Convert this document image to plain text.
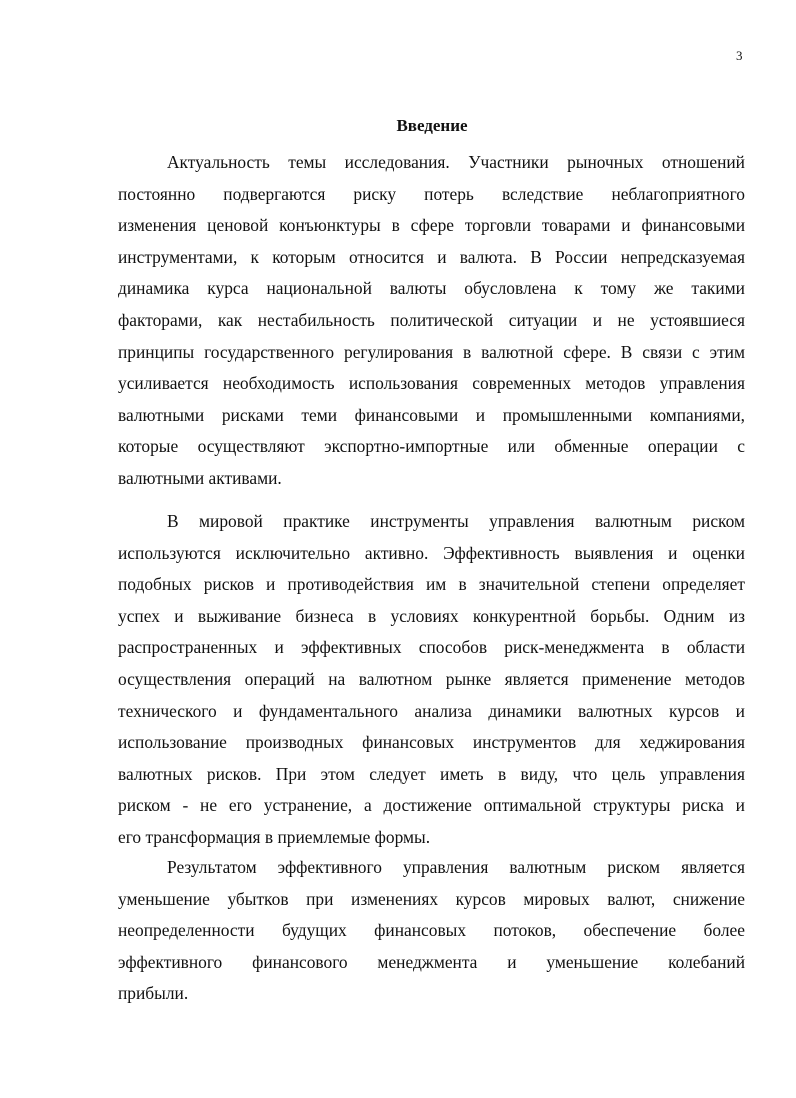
3
Введение
Актуальность темы исследования. Участники рыночных отношений
постоянно подвергаются риску потерь вследствие неблагоприятного
изменения ценовой конъюнктуры в сфере торговли товарами и финансовыми
инструментами, к которым относится и валюта. В России непредсказуемая
динамика курса национальной валюты обусловлена к тому же такими
факторами, как нестабильность политической ситуации и не устоявшиеся
принципы государственного регулирования в валютной сфере. В связи с этим
усиливается необходимость использования современных методов управления
валютными рисками теми финансовыми и промышленными компаниями,
которые осуществляют экспортно-импортные или обменные операции с
валютными активами.
В мировой практике инструменты управления валютным риском
используются исключительно активно. Эффективность выявления и оценки
подобных рисков и противодействия им в значительной степени определяет
успех и выживание бизнеса в условиях конкурентной борьбы. Одним из
распространенных и эффективных способов риск-менеджмента в области
осуществления операций на валютном рынке является применение методов
технического и фундаментального анализа динамики валютных курсов и
использование производных финансовых инструментов для хеджирования
валютных рисков. При этом следует иметь в виду, что цель управления
риском - не его устранение, а достижение оптимальной структуры риска и
его трансформация в приемлемые формы.
Результатом эффективного управления валютным риском является
уменьшение убытков при изменениях курсов мировых валют, снижение
неопределенности будущих финансовых потоков, обеспечение более
эффективного финансового менеджмента и уменьшение колебаний
прибыли.
